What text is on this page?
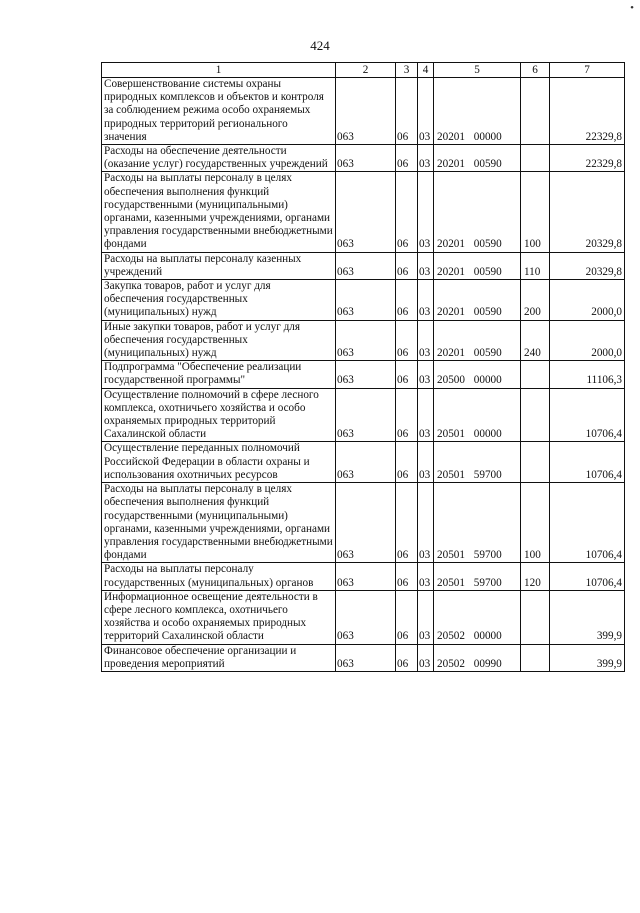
•
424
1	2	3	4	5	6	7
Совершенствование системы охраны природных комплексов и объектов и контроля за соблюдением режима особо охраняемых природных территорий регионального значения	063	06	03	20201 00000		22329,8
Расходы на обеспечение деятельности (оказание услуг) государственных учреждений	063	06	03	20201 00590		22329,8
Расходы на выплаты персоналу в целях обеспечения выполнения функций государственными (муниципальными) органами, казенными учреждениями, органами управления государственными внебюджетными фондами	063	06	03	20201 00590	100	20329,8
Расходы на выплаты персоналу казенных учреждений	063	06	03	20201 00590	110	20329,8
Закупка товаров, работ и услуг для обеспечения государственных (муниципальных) нужд	063	06	03	20201 00590	200	2000,0
Иные закупки товаров, работ и услуг для обеспечения государственных (муниципальных) нужд	063	06	03	20201 00590	240	2000,0
Подпрограмма "Обеспечение реализации государственной программы"	063	06	03	20500 00000		11106,3
Осуществление полномочий в сфере лесного комплекса, охотничьего хозяйства и особо охраняемых природных территорий Сахалинской области	063	06	03	20501 00000		10706,4
Осуществление переданных полномочий Российской Федерации в области охраны и использования охотничьих ресурсов	063	06	03	20501 59700		10706,4
Расходы на выплаты персоналу в целях обеспечения выполнения функций государственными (муниципальными) органами, казенными учреждениями, органами управления государственными внебюджетными фондами	063	06	03	20501 59700	100	10706,4
Расходы на выплаты персоналу государственных (муниципальных) органов	063	06	03	20501 59700	120	10706,4
Информационное освещение деятельности в сфере лесного комплекса, охотничьего хозяйства и особо охраняемых природных территорий Сахалинской области	063	06	03	20502 00000		399,9
Финансовое обеспечение организации и проведения мероприятий	063	06	03	20502 00990		399,9
